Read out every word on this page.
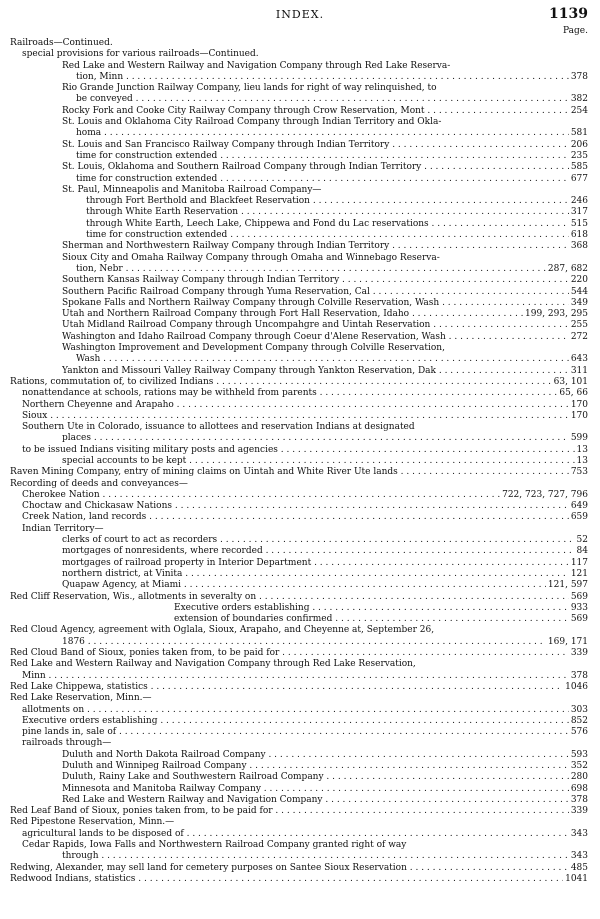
INDEX.	1139
Page.
Railroads—Continued.
special provisions for various railroads—Continued.
Red Lake and Western Railway and Navigation Company through Red Lake Reserva-
tion, Minn . . .	378
Rio Grande Junction Railway Company, lieu lands for right of way relinquished, to
be conveyed . . .	382
Rocky Fork and Cooke City Railway Company through Crow Reservation, Mont . . .	254
St. Louis and Oklahoma City Railroad Company through Indian Territory and Okla-
homa . . .	581
St. Louis and San Francisco Railway Company through Indian Territory . . .	206
time for construction extended . . .	235
St. Louis, Oklahoma and Southern Railroad Company through Indian Territory . . .	585
time for construction extended . . .	677
St. Paul, Minneapolis and Manitoba Railroad Company—
through Fort Berthold and Blackfeet Reservation . . .	246
through White Earth Reservation . . .	317
through White Earth, Leech Lake, Chippewa and Fond du Lac reservations . . .	515
time for construction extended . . .	618
Sherman and Northwestern Railway Company through Indian Territory . . .	368
Sioux City and Omaha Railway Company through Omaha and Winnebago Reserva-
tion, Nebr . . .	287, 682
Southern Kansas Railway Company through Indian Territory . . .	220
Southern Pacific Railroad Company through Yuma Reservation, Cal . . .	544
Spokane Falls and Northern Railway Company through Colville Reservation, Wash . . .	349
Utah and Northern Railroad Company through Fort Hall Reservation, Idaho . . .	199, 293, 295
Utah Midland Railroad Company through Uncompahgre and Uintah Reservation . . .	255
Washington and Idaho Railroad Company through Coeur d'Alene Reservation, Wash . . .	272
Washington Improvement and Development Company through Colville Reservation,
Wash . . .	643
Yankton and Missouri Valley Railway Company through Yankton Reservation, Dak . . .	311
Rations, commutation of, to civilized Indians . . .	63, 101
nonattendance at schools, rations may be withheld from parents . . .	65, 66
Northern Cheyenne and Arapaho . . .	170
Sioux . . .	170
Southern Ute in Colorado, issuance to allottees and reservation Indians at designated
places . . .	599
to be issued Indians visiting military posts and agencies . . .	13
special accounts to be kept . . .	13
Raven Mining Company, entry of mining claims on Uintah and White River Ute lands . . .	753
Recording of deeds and conveyances—
Cherokee Nation . . .	722, 723, 727, 796
Choctaw and Chickasaw Nations . . .	649
Creek Nation, land records . . .	659
Indian Territory—
clerks of court to act as recorders . . .	52
mortgages of nonresidents, where recorded . . .	84
mortgages of railroad property in Interior Department . . .	117
northern district, at Vinita . . .	121
Quapaw Agency, at Miami . . .	121, 597
Red Cliff Reservation, Wis., allotments in severalty on . . .	569
Executive orders establishing . . .	933
extension of boundaries confirmed . . .	569
Red Cloud Agency, agreement with Oglala, Sioux, Arapaho, and Cheyenne at, September 26,
1876 . . .	169, 171
Red Cloud Band of Sioux, ponies taken from, to be paid for . . .	339
Red Lake and Western Railway and Navigation Company through Red Lake Reservation,
Minn . . .	378
Red Lake Chippewa, statistics . . .	1046
Red Lake Reservation, Minn.—
allotments on . . .	303
Executive orders establishing . . .	852
pine lands in, sale of . . .	576
railroads through—
Duluth and North Dakota Railroad Company . . .	593
Duluth and Winnipeg Railroad Company . . .	352
Duluth, Rainy Lake and Southwestern Railroad Company . . .	280
Minnesota and Manitoba Railway Company . . .	698
Red Lake and Western Railway and Navigation Company . . .	378
Red Leaf Band of Sioux, ponies taken from, to be paid for . . .	339
Red Pipestone Reservation, Minn.—
agricultural lands to be disposed of . . .	343
Cedar Rapids, Iowa Falls and Northwestern Railroad Company granted right of way
through . . .	343
Redwing, Alexander, may sell land for cemetery purposes on Santee Sioux Reservation . . .	485
Redwood Indians, statistics . . .	1041
